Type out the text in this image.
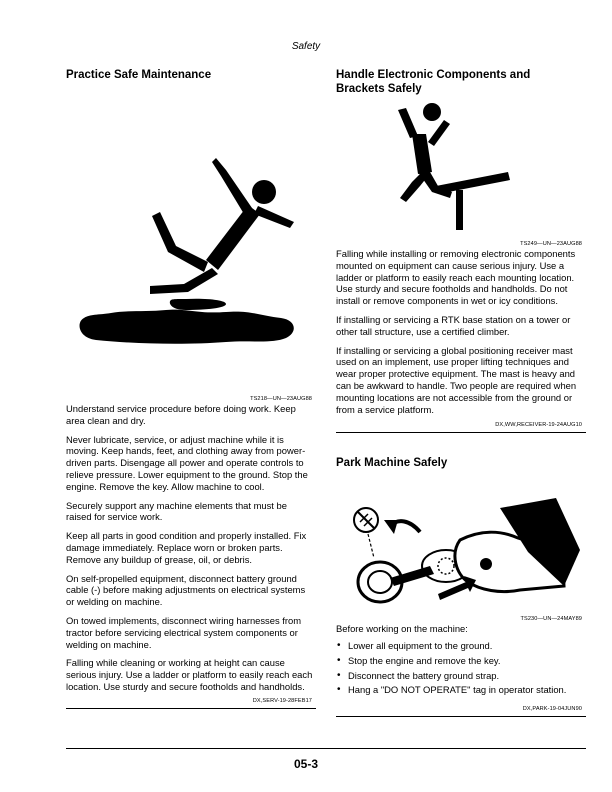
Safety
Practice Safe Maintenance
TS218—UN—23AUG88

Understand service procedure before doing work. Keep area clean and dry.

Never lubricate, service, or adjust machine while it is moving. Keep hands, feet, and clothing away from power-driven parts. Disengage all power and operate controls to relieve pressure. Lower equipment to the ground. Stop the engine. Remove the key. Allow machine to cool.

Securely support any machine elements that must be raised for service work.

Keep all parts in good condition and properly installed. Fix damage immediately. Replace worn or broken parts. Remove any buildup of grease, oil, or debris.

On self-propelled equipment, disconnect battery ground cable (-) before making adjustments on electrical systems or welding on machine.

On towed implements, disconnect wiring harnesses from tractor before servicing electrical system components or welding on machine.

Falling while cleaning or working at height can cause serious injury. Use a ladder or platform to easily reach each location. Use sturdy and secure footholds and handholds.

DX,SERV-19-28FEB17
Handle Electronic Components and
Brackets Safely
TS249—UN—23AUG88

Falling while installing or removing electronic components mounted on equipment can cause serious injury. Use a ladder or platform to easily reach each mounting location. Use sturdy and secure footholds and handholds. Do not install or remove components in wet or icy conditions.

If installing or servicing a RTK base station on a tower or other tall structure, use a certified climber.

If installing or servicing a global positioning receiver mast used on an implement, use proper lifting techniques and wear proper protective equipment. The mast is heavy and can be awkward to handle. Two people are required when mounting locations are not accessible from the ground or from a service platform.

DX,WW,RECEIVER-19-24AUG10
Park Machine Safely
TS230—UN—24MAY89
Before working on the machine:
• Lower all equipment to the ground.
• Stop the engine and remove the key.
• Disconnect the battery ground strap.
• Hang a "DO NOT OPERATE" tag in operator station.
DX,PARK-19-04JUN90
05-3
